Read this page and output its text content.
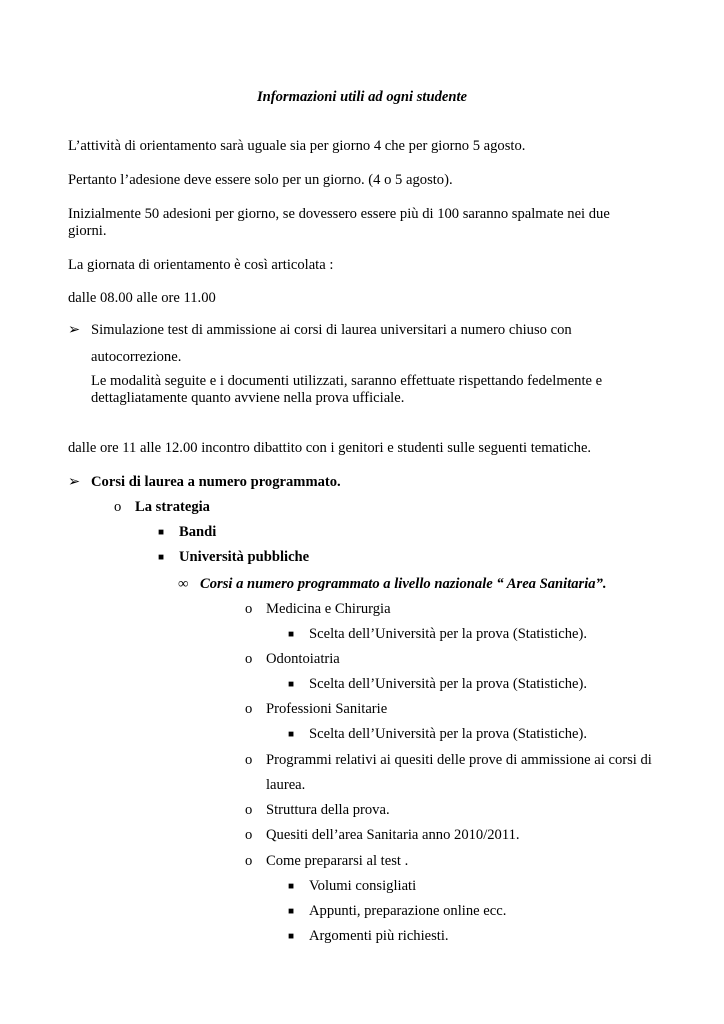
Informazioni utili ad ogni studente
L’attività di orientamento sarà uguale sia per giorno 4 che per giorno 5 agosto.
Pertanto l’adesione deve essere solo per un giorno. (4 o 5 agosto).
Inizialmente 50 adesioni per giorno, se dovessero essere più di 100 saranno spalmate nei due
giorni.
La giornata di orientamento è così articolata :
dalle 08.00 alle ore 11.00
➢ Simulazione test di ammissione ai corsi di laurea universitari a numero chiuso con
autocorrezione.
Le modalità seguite e i documenti utilizzati, saranno effettuate rispettando fedelmente e
dettagliatamente quanto avviene nella prova ufficiale.
dalle ore 11 alle 12.00 incontro dibattito con i genitori e studenti sulle seguenti tematiche.
➢ Corsi di laurea a numero programmato.
o La strategia
■ Bandi
■ Università pubbliche
∞ Corsi a numero programmato a livello nazionale “ Area Sanitaria”.
o Medicina e Chirurgia
■ Scelta dell’Università per la prova (Statistiche).
o Odontoiatria
■ Scelta dell’Università per la prova (Statistiche).
o Professioni Sanitarie
■ Scelta dell’Università per la prova (Statistiche).
o Programmi relativi ai quesiti delle prove di ammissione ai corsi di
laurea.
o Struttura della prova.
o Quesiti dell’area Sanitaria anno 2010/2011.
o Come prepararsi al test .
■ Volumi consigliati
■ Appunti, preparazione online ecc.
■ Argomenti più richiesti.
